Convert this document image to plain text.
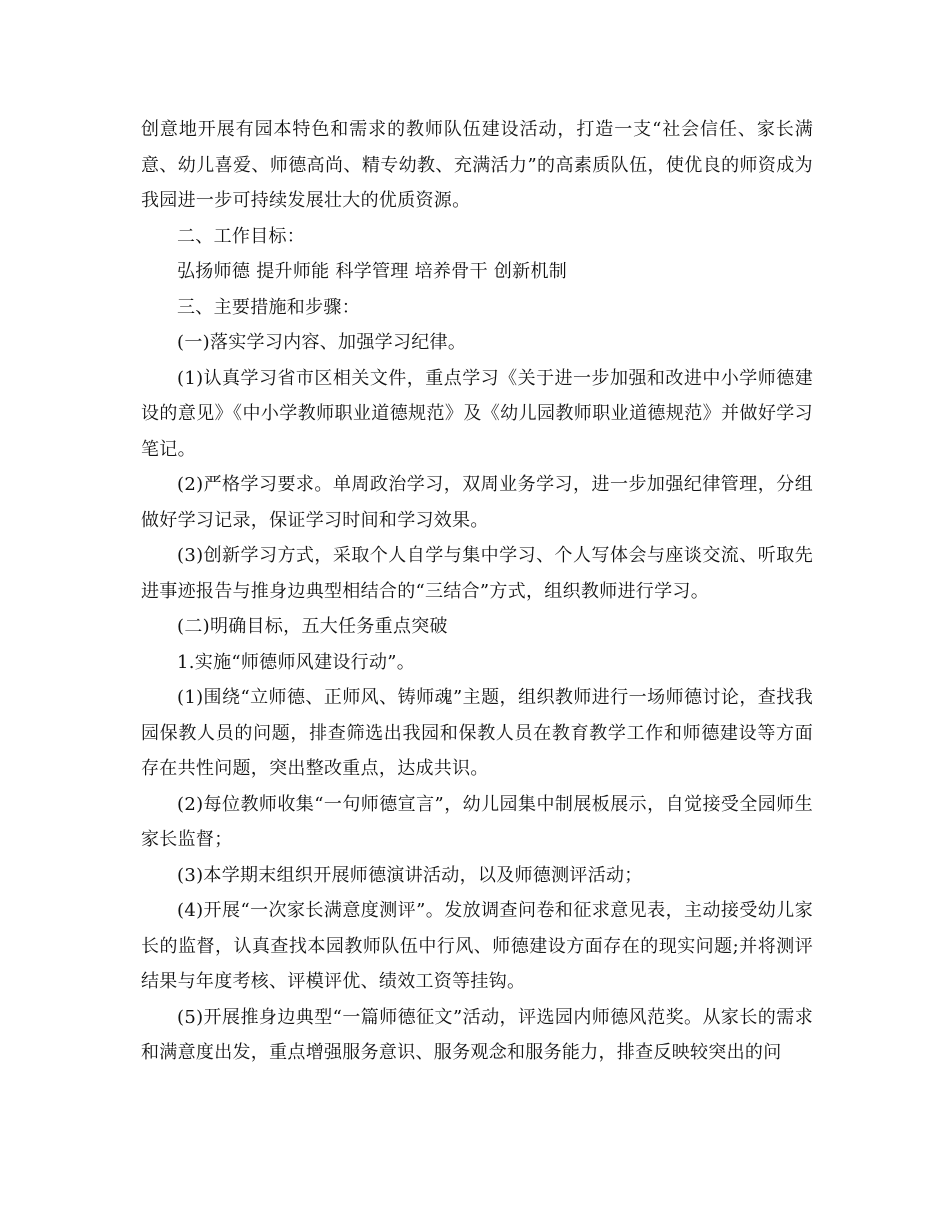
创意地开展有园本特色和需求的教师队伍建设活动，打造一支“社会信任、家长满意、幼儿喜爱、师德高尚、精专幼教、充满活力”的高素质队伍，使优良的师资成为我园进一步可持续发展壮大的优质资源。

二、工作目标：

弘扬师德 提升师能 科学管理 培养骨干 创新机制

三、主要措施和步骤：

(一)落实学习内容、加强学习纪律。

(1)认真学习省市区相关文件，重点学习《关于进一步加强和改进中小学师德建设的意见》《中小学教师职业道德规范》及《幼儿园教师职业道德规范》并做好学习笔记。

(2)严格学习要求。单周政治学习，双周业务学习，进一步加强纪律管理，分组做好学习记录，保证学习时间和学习效果。

(3)创新学习方式，采取个人自学与集中学习、个人写体会与座谈交流、听取先进事迹报告与推身边典型相结合的“三结合”方式，组织教师进行学习。

(二)明确目标，五大任务重点突破

1.实施“师德师风建设行动”。

(1)围绕“立师德、正师风、铸师魂”主题，组织教师进行一场师德讨论，查找我园保教人员的问题，排查筛选出我园和保教人员在教育教学工作和师德建设等方面存在共性问题，突出整改重点，达成共识。

(2)每位教师收集“一句师德宣言”，幼儿园集中制展板展示，自觉接受全园师生家长监督；

(3)本学期末组织开展师德演讲活动，以及师德测评活动；

(4)开展“一次家长满意度测评”。发放调查问卷和征求意见表，主动接受幼儿家长的监督，认真查找本园教师队伍中行风、师德建设方面存在的现实问题;并将测评结果与年度考核、评模评优、绩效工资等挂钩。

(5)开展推身边典型“一篇师德征文”活动，评选园内师德风范奖。从家长的需求和满意度出发，重点增强服务意识、服务观念和服务能力，排查反映较突出的问
